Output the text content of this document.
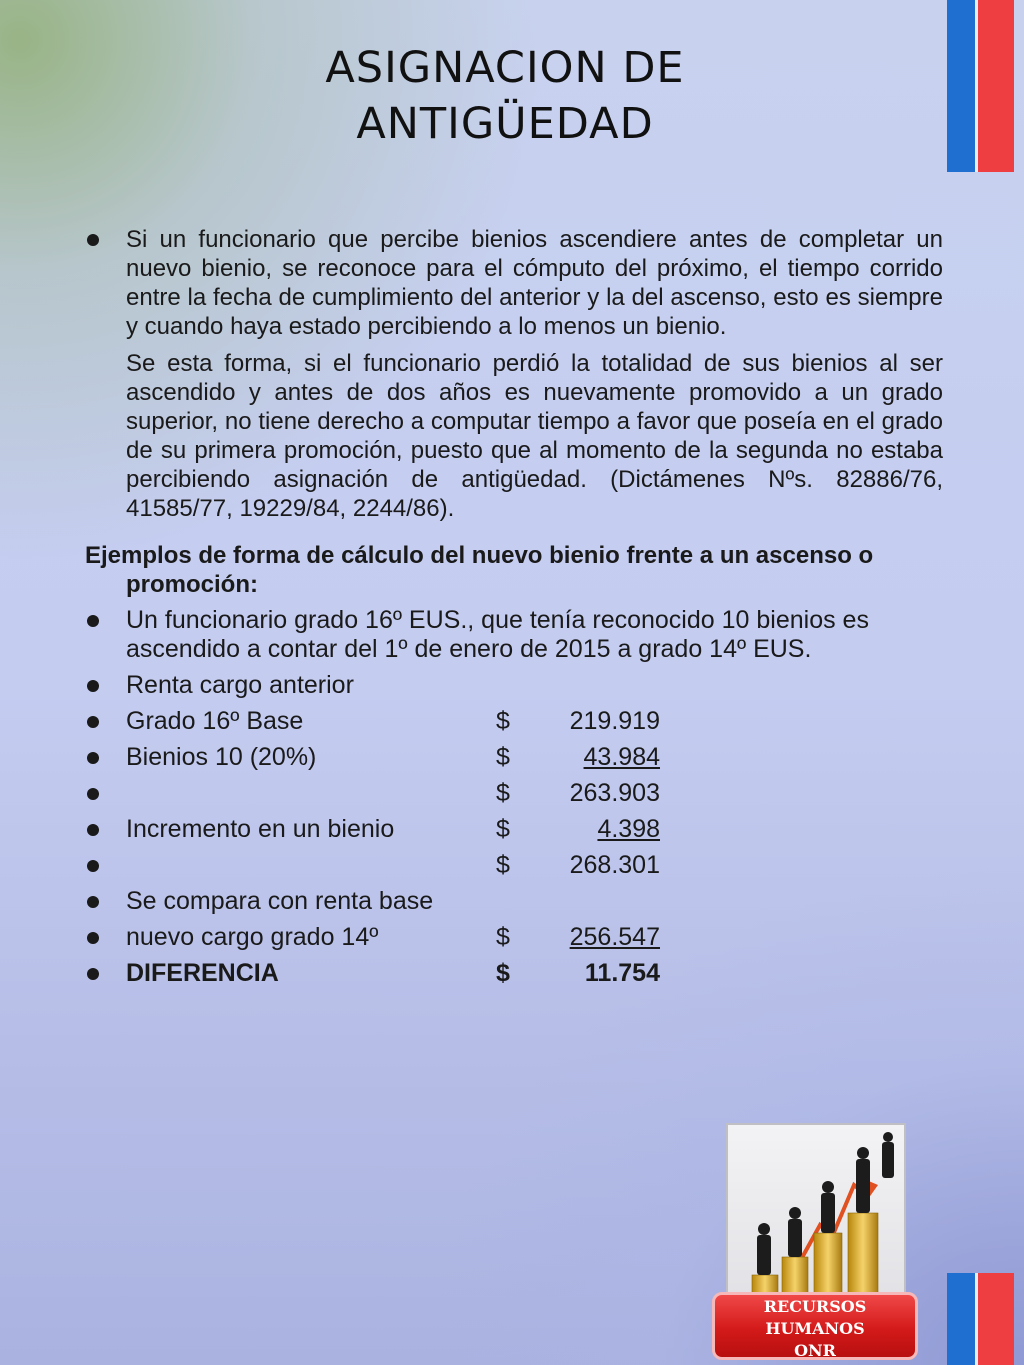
ASIGNACION DE
ANTIGÜEDAD
Si un funcionario que percibe bienios ascendiere antes de completar un nuevo bienio, se reconoce para el cómputo del próximo, el tiempo corrido entre la fecha de cumplimiento del anterior y la del ascenso, esto es siempre y cuando haya estado percibiendo a lo menos un bienio.
Se esta forma, si el funcionario perdió la totalidad de sus bienios al ser ascendido y antes de dos años es nuevamente promovido a un grado superior, no tiene derecho a computar tiempo a favor que poseía en el grado de su primera promoción, puesto que al momento de la segunda no estaba percibiendo asignación de antigüedad. (Dictámenes Nºs. 82886/76, 41585/77, 19229/84, 2244/86).
Ejemplos de forma de cálculo del nuevo bienio frente a un ascenso o promoción:
Un funcionario grado 16º EUS., que tenía reconocido 10 bienios es ascendido a contar del 1º de enero de 2015 a grado 14º EUS.
Renta cargo anterior
Grado 16º Base	$	219.919
Bienios 10 (20%)	$	43.984
$	263.903
Incremento en un bienio	$	4.398
$	268.301
Se compara con renta base
nuevo cargo grado 14º	$	256.547
DIFERENCIA	$	11.754
RECURSOS
HUMANOS
ONR
